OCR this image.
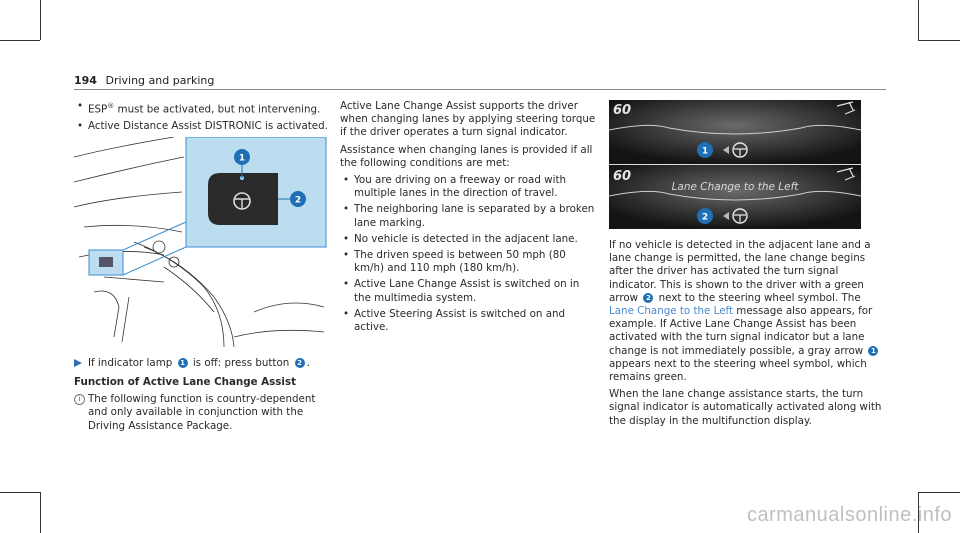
194 Driving and parking
• ESP® must be activated, but not intervening.
• Active Distance Assist DISTRONIC is activated.
1
2

If indicator lamp 1 is off: press button 2 .

Function of Active Lane Change Assist

i The following function is country-dependent and only available in conjunction with the Driving Assistance Package.

Active Lane Change Assist supports the driver when changing lanes by applying steering torque if the driver operates a turn signal indicator.

Assistance when changing lanes is provided if all the following conditions are met:

• You are driving on a freeway or road with multiple lanes in the direction of travel.
• The neighboring lane is separated by a broken lane marking.
• No vehicle is detected in the adjacent lane.
• The driven speed is between 50 mph (80 km/h) and 110 mph (180 km/h).
• Active Lane Change Assist is switched on in the multimedia system.
• Active Steering Assist is switched on and active.
60
60
1
Lane Change to the Left
2

If no vehicle is detected in the adjacent lane and a lane change is permitted, the lane change begins after the driver has activated the turn signal indicator. This is shown to the driver with a green arrow 2 next to the steering wheel symbol. The Lane Change to the Left message also appears, for example. If Active Lane Change Assist has been activated with the turn signal indicator but a lane change is not immediately possible, a gray arrow 1 appears next to the steering wheel symbol, which remains green.

When the lane change assistance starts, the turn signal indicator is automatically activated along with the display in the multifunction display.

carmanualsonline.info
